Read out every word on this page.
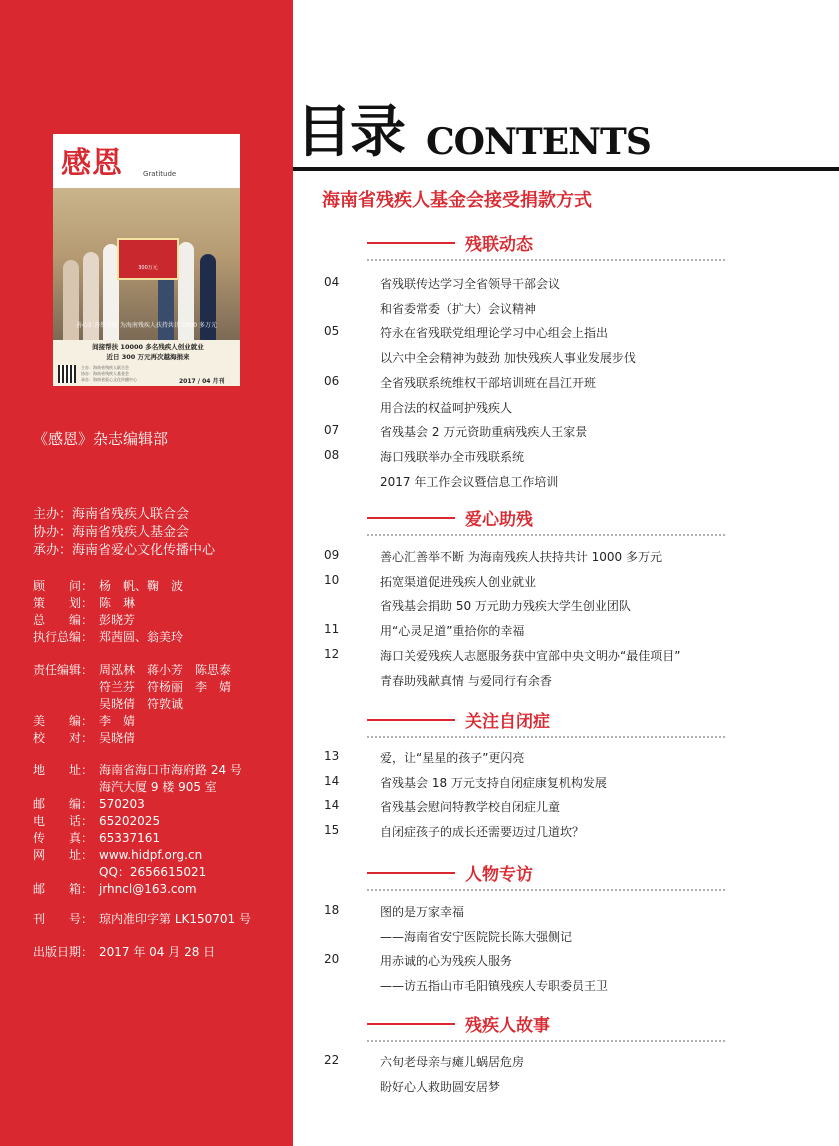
感恩	Gratitude
300万元
善心汇善举不断 为海南残疾人扶持共计 1000 多万元
间接帮扶 10000 多名残疾人创业就业
近日 300 万元再次越海捐来
主办：海南省残疾人联合会
协办：海南省残疾人基金会
承办：海南省爱心文化传播中心	2017 / 04 月刊
《感恩》杂志编辑部
主办：海南省残疾人联合会
协办：海南省残疾人基金会
承办：海南省爱心文化传播中心
顾　　问： 杨　帆、鞠　波
策　　划： 陈　琳
总　　编： 彭晓芳
执行总编： 郑茜圆、翁美玲
责任编辑： 周泓林　蒋小芳　陈思泰
符兰芬　符杨丽　李　婧
吴晓倩　符敦诚
美　　编： 李　婧
校　　对： 吴晓倩
地　　址： 海南省海口市海府路 24 号
海汽大厦 9 楼 905 室
邮　　编： 570203
电　　话： 65202025
传　　真： 65337161
网　　址： www.hidpf.org.cn
QQ：2656615021
邮　　箱： jrhncl@163.com
刊　　号： 琼内准印字第 LK150701 号
出版日期： 2017 年 04 月 28 日
目录 CONTENTS
海南省残疾人基金会接受捐款方式
残联动态
04	省残联传达学习全省领导干部会议
和省委常委（扩大）会议精神
05	符永在省残联党组理论学习中心组会上指出
以六中全会精神为鼓劲 加快残疾人事业发展步伐
06	全省残联系统维权干部培训班在昌江开班
用合法的权益呵护残疾人
07	省残基会 2 万元资助重病残疾人王家景
08	海口残联举办全市残联系统
2017 年工作会议暨信息工作培训
爱心助残
09	善心汇善举不断 为海南残疾人扶持共计 1000 多万元
10	拓宽渠道促进残疾人创业就业
省残基会捐助 50 万元助力残疾大学生创业团队
11	用“心灵足道”重拾你的幸福
12	海口关爱残疾人志愿服务获中宣部中央文明办“最佳项目”
青春助残献真情 与爱同行有余香
关注自闭症
13	爱，让“星星的孩子”更闪亮
14	省残基会 18 万元支持自闭症康复机构发展
14	省残基会慰问特教学校自闭症儿童
15	自闭症孩子的成长还需要迈过几道坎？
人物专访
18	图的是万家幸福
——海南省安宁医院院长陈大强侧记
20	用赤诚的心为残疾人服务
——访五指山市毛阳镇残疾人专职委员王卫
残疾人故事
22	六旬老母亲与瘫儿蜗居危房
盼好心人救助圆安居梦
